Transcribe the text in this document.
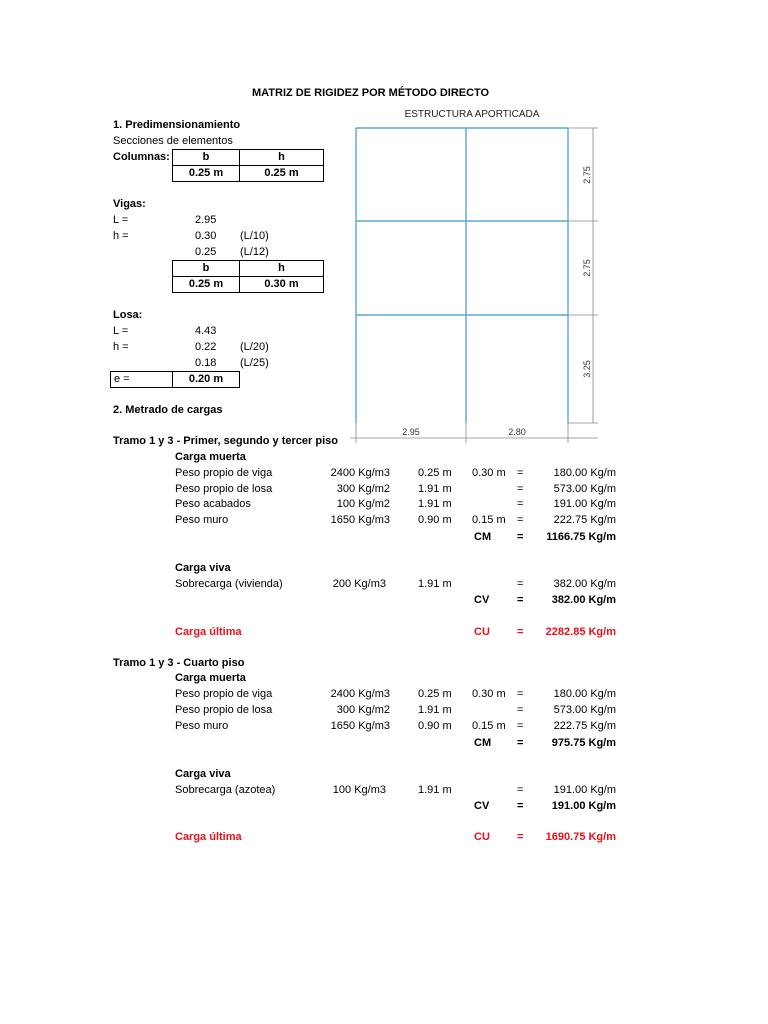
MATRIZ DE RIGIDEZ POR MÉTODO DIRECTO
1. Predimensionamiento
Secciones de elementos
Columnas:	b	h
0.25 m	0.25 m
Vigas:
L =	2.95
h =	0.30 (L/10)
0.25 (L/12)
b	h
0.25 m	0.30 m
Losa:
L =	4.43
h =	0.22 (L/20)
0.18 (L/25)
e =	0.20 m
ESTRUCTURA APORTICADA
2.75
2.75
3.25
2.95	2.80
2. Metrado de cargas
Tramo 1 y 3 - Primer, segundo y tercer piso
Carga muerta
Peso propio de viga	2400 Kg/m3	0.25 m 0.30 m =	180.00 Kg/m
Peso propio de losa	300 Kg/m2	1.91 m	=	573.00 Kg/m
Peso acabados	100 Kg/m2	1.91 m	=	191.00 Kg/m
Peso muro	1650 Kg/m3	0.90 m 0.15 m =	222.75 Kg/m
CM =	1166.75 Kg/m
Carga viva
Sobrecarga (vivienda)	200 Kg/m3	1.91 m	=	382.00 Kg/m
CV	=	382.00 Kg/m
Carga última	CU =	2282.85 Kg/m
Tramo 1 y 3 - Cuarto piso
Carga muerta
Peso propio de viga	2400 Kg/m3	0.25 m 0.30 m =	180.00 Kg/m
Peso propio de losa	300 Kg/m2	1.91 m	=	573.00 Kg/m
Peso muro	1650 Kg/m3	0.90 m 0.15 m =	222.75 Kg/m
CM =	975.75 Kg/m
Carga viva
Sobrecarga (azotea)	100 Kg/m3	1.91 m	=	191.00 Kg/m
CV	=	191.00 Kg/m
Carga última	CU =	1690.75 Kg/m
